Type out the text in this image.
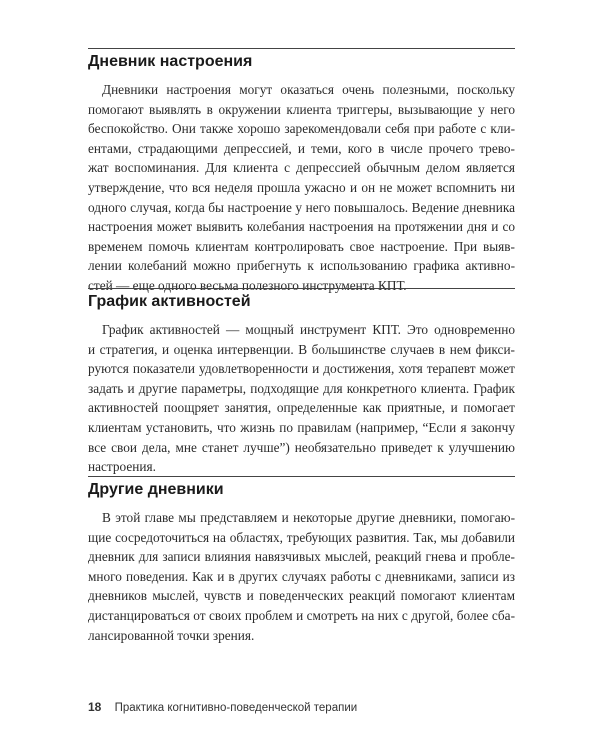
Дневник настроения
Дневники настроения могут оказаться очень полезными, поскольку
помогают выявлять в окружении клиента триггеры, вызывающие у него
беспокойство. Они также хорошо зарекомендовали себя при работе с кли-
ентами, страдающими депрессией, и теми, кого в числе прочего трево-
жат воспоминания. Для клиента с депрессией обычным делом является
утверждение, что вся неделя прошла ужасно и он не может вспомнить ни
одного случая, когда бы настроение у него повышалось. Ведение дневника
настроения может выявить колебания настроения на протяжении дня и со
временем помочь клиентам контролировать свое настроение. При выяв-
лении колебаний можно прибегнуть к использованию графика активно-
стей — еще одного весьма полезного инструмента КПТ.
График активностей
График активностей — мощный инструмент КПТ. Это одновременно
и стратегия, и оценка интервенции. В большинстве случаев в нем фикси-
руются показатели удовлетворенности и достижения, хотя терапевт может
задать и другие параметры, подходящие для конкретного клиента. График
активностей поощряет занятия, определенные как приятные, и помогает
клиентам установить, что жизнь по правилам (например, “Если я закончу
все свои дела, мне станет лучше”) необязательно приведет к улучшению
настроения.
Другие дневники
В этой главе мы представляем и некоторые другие дневники, помогаю-
щие сосредоточиться на областях, требующих развития. Так, мы добавили
дневник для записи влияния навязчивых мыслей, реакций гнева и пробле-
много поведения. Как и в других случаях работы с дневниками, записи из
дневников мыслей, чувств и поведенческих реакций помогают клиентам
дистанцироваться от своих проблем и смотреть на них с другой, более сба-
лансированной точки зрения.
18 Практика когнитивно-поведенческой терапии
